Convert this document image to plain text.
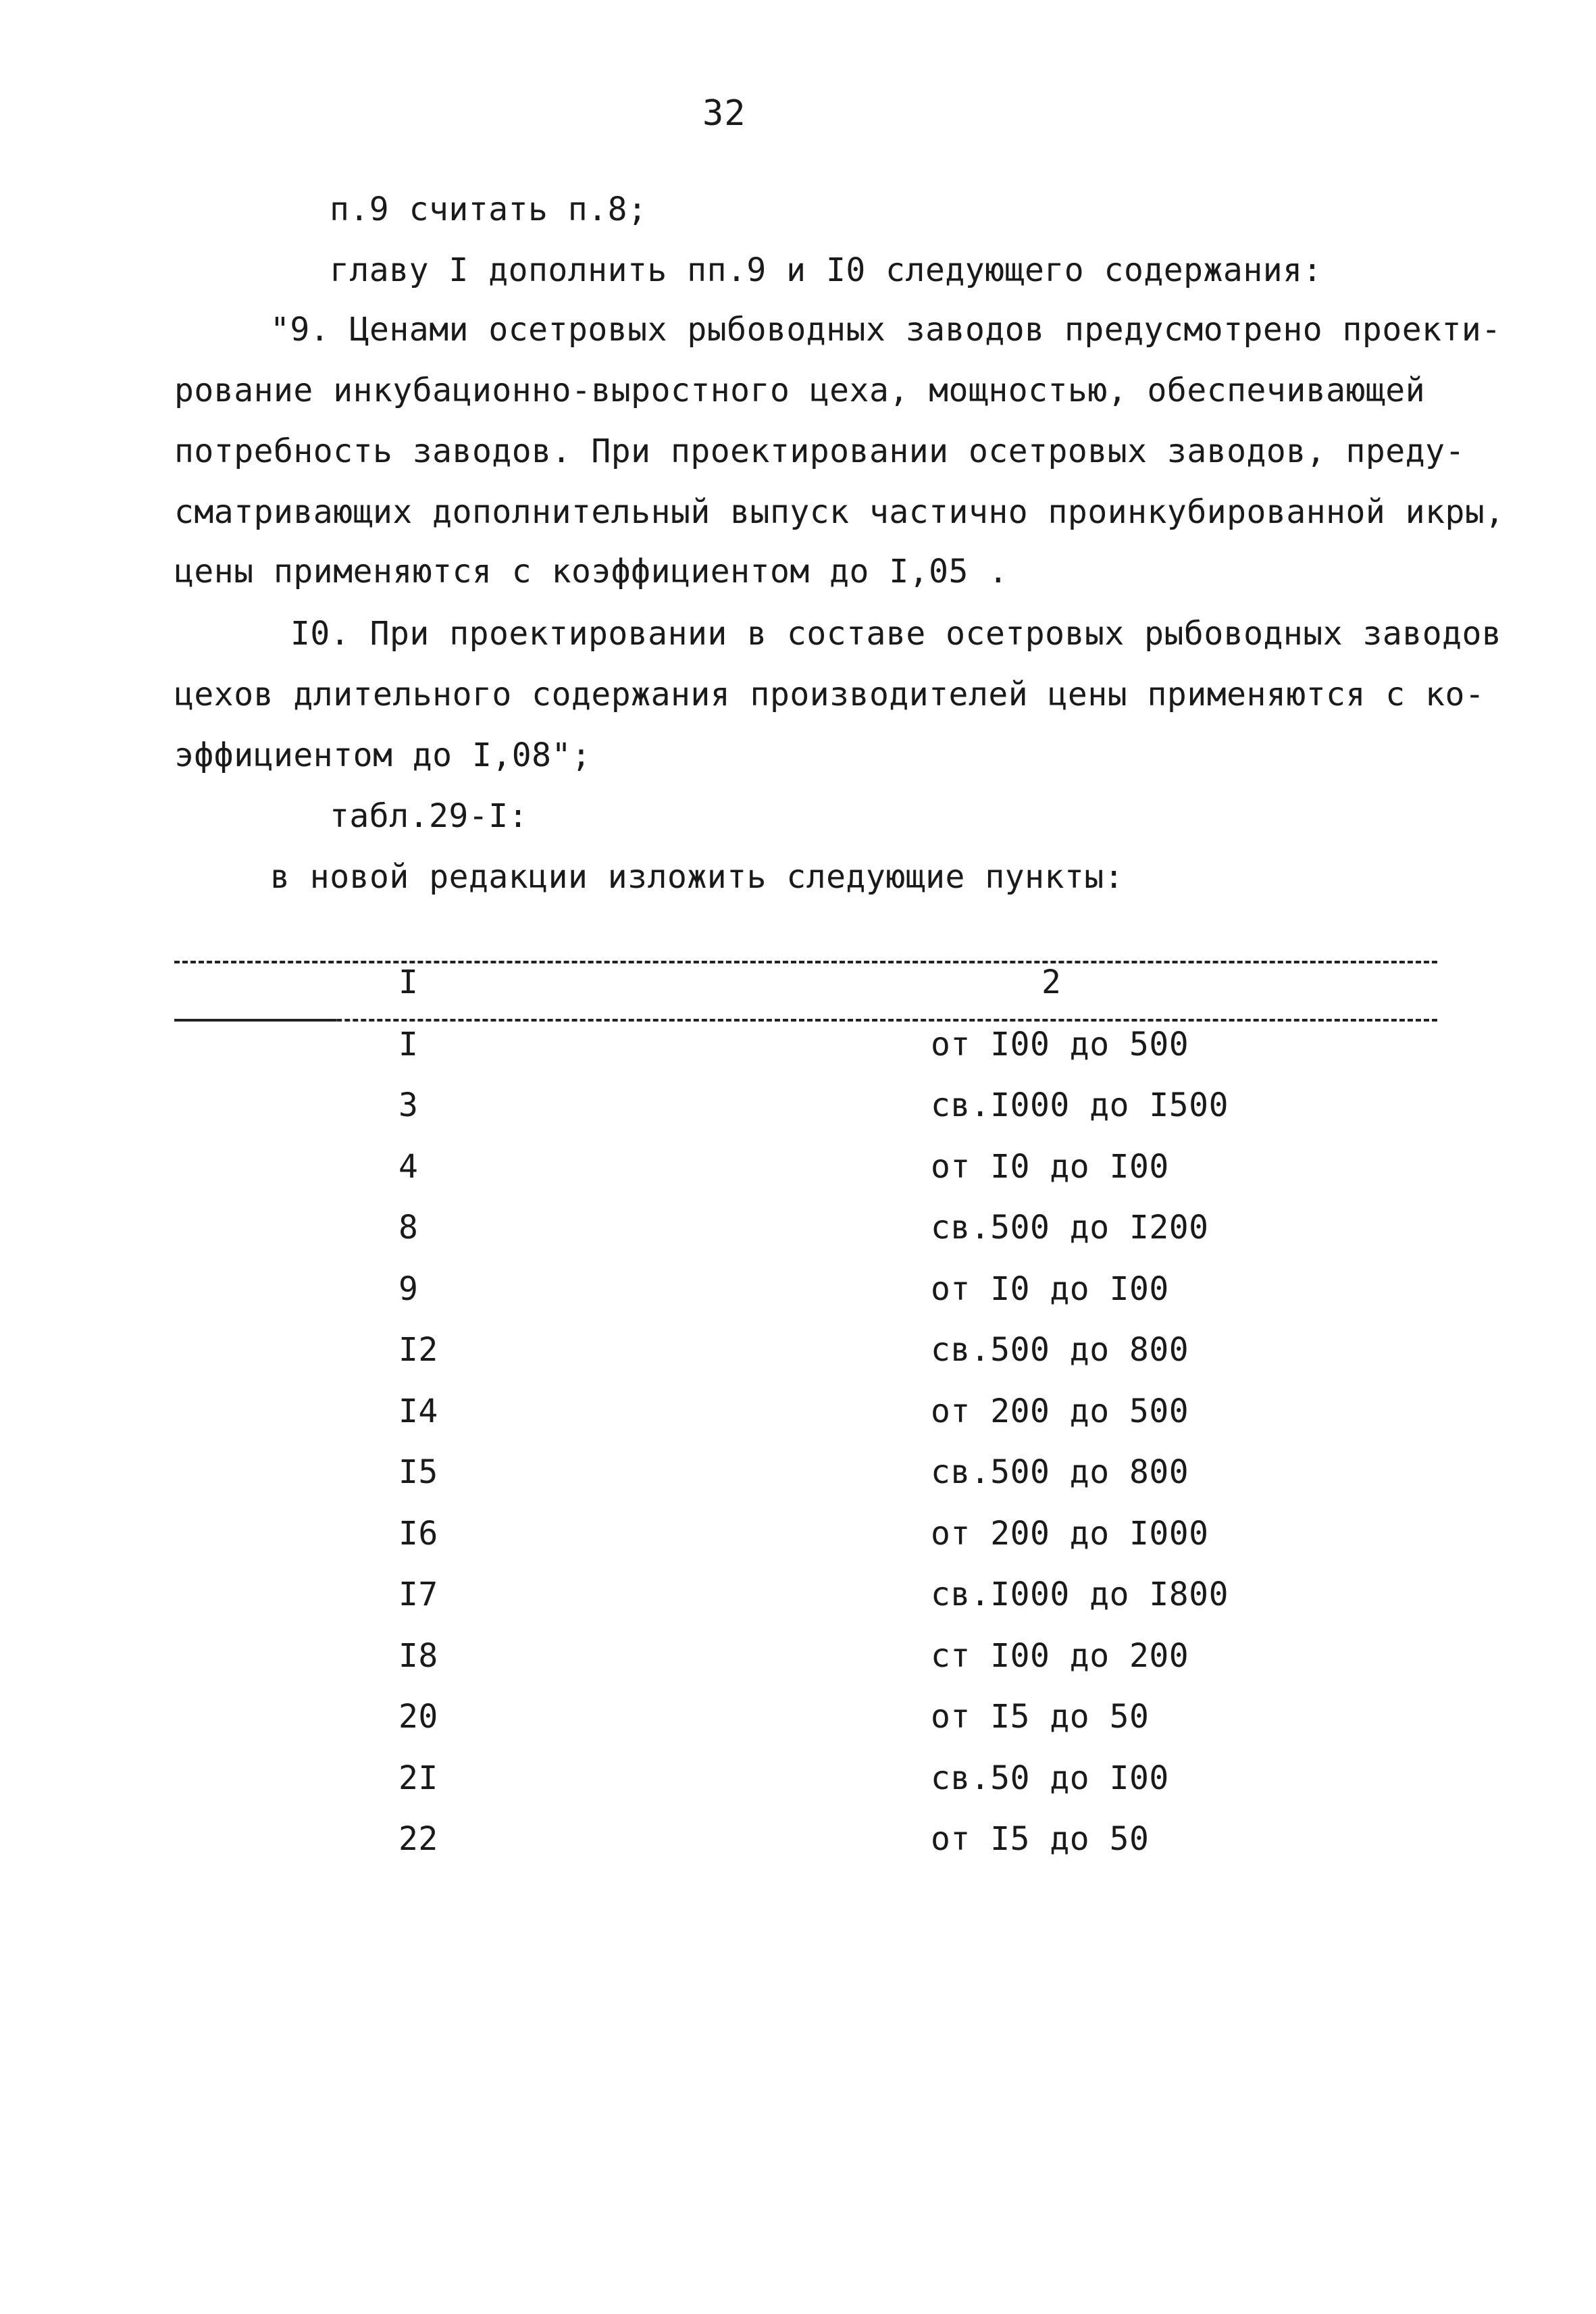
32
п.9 считать п.8;
главу I дополнить пп.9 и I0 следующего содержания:
"9. Ценами осетровых рыбоводных заводов предусмотрено проекти-
рование инкубационно-выростного цеха, мощностью, обеспечивающей
потребность заводов. При проектировании осетровых заводов, преду-
сматривающих дополнительный выпуск частично проинкубированной икры,
цены применяются с коэффициентом до I,05 .
I0. При проектировании в составе осетровых рыбоводных заводов
цехов длительного содержания производителей цены применяются с ко-
эффициентом до I,08";
табл.29-I:
в новой редакции изложить следующие пункты:
I	2
I	от I00 до 500
3	св.I000 до I500
4	от I0 до I00
8	св.500 до I200
9	от I0 до I00
I2	св.500 до 800
I4	от 200 до 500
I5	св.500 до 800
I6	от 200 до I000
I7	св.I000 до I800
I8	ст I00 до 200
20	от I5 до 50
2I	св.50 до I00
22	от I5 до 50
